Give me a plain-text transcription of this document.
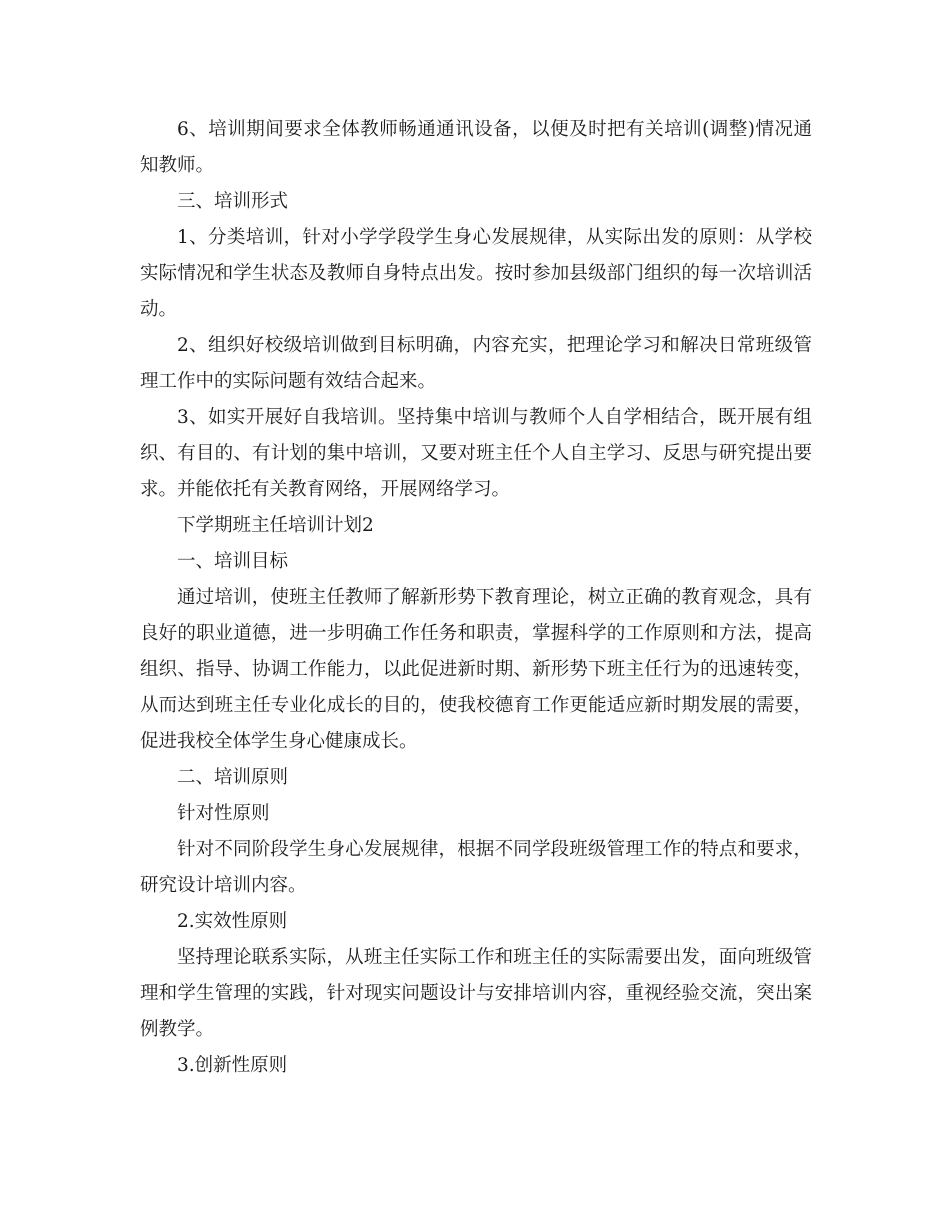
6、培训期间要求全体教师畅通通讯设备，以便及时把有关培训(调整)情况通知教师。

三、培训形式

1、分类培训，针对小学学段学生身心发展规律，从实际出发的原则：从学校实际情况和学生状态及教师自身特点出发。按时参加县级部门组织的每一次培训活动。

2、组织好校级培训做到目标明确，内容充实，把理论学习和解决日常班级管理工作中的实际问题有效结合起来。

3、如实开展好自我培训。坚持集中培训与教师个人自学相结合，既开展有组织、有目的、有计划的集中培训，又要对班主任个人自主学习、反思与研究提出要求。并能依托有关教育网络，开展网络学习。

下学期班主任培训计划2

一、培训目标

通过培训，使班主任教师了解新形势下教育理论，树立正确的教育观念，具有良好的职业道德，进一步明确工作任务和职责，掌握科学的工作原则和方法，提高组织、指导、协调工作能力，以此促进新时期、新形势下班主任行为的迅速转变，从而达到班主任专业化成长的目的，使我校德育工作更能适应新时期发展的需要，促进我校全体学生身心健康成长。

二、培训原则

针对性原则

针对不同阶段学生身心发展规律，根据不同学段班级管理工作的特点和要求，研究设计培训内容。

2.实效性原则

坚持理论联系实际，从班主任实际工作和班主任的实际需要出发，面向班级管理和学生管理的实践，针对现实问题设计与安排培训内容，重视经验交流，突出案例教学。

3.创新性原则
